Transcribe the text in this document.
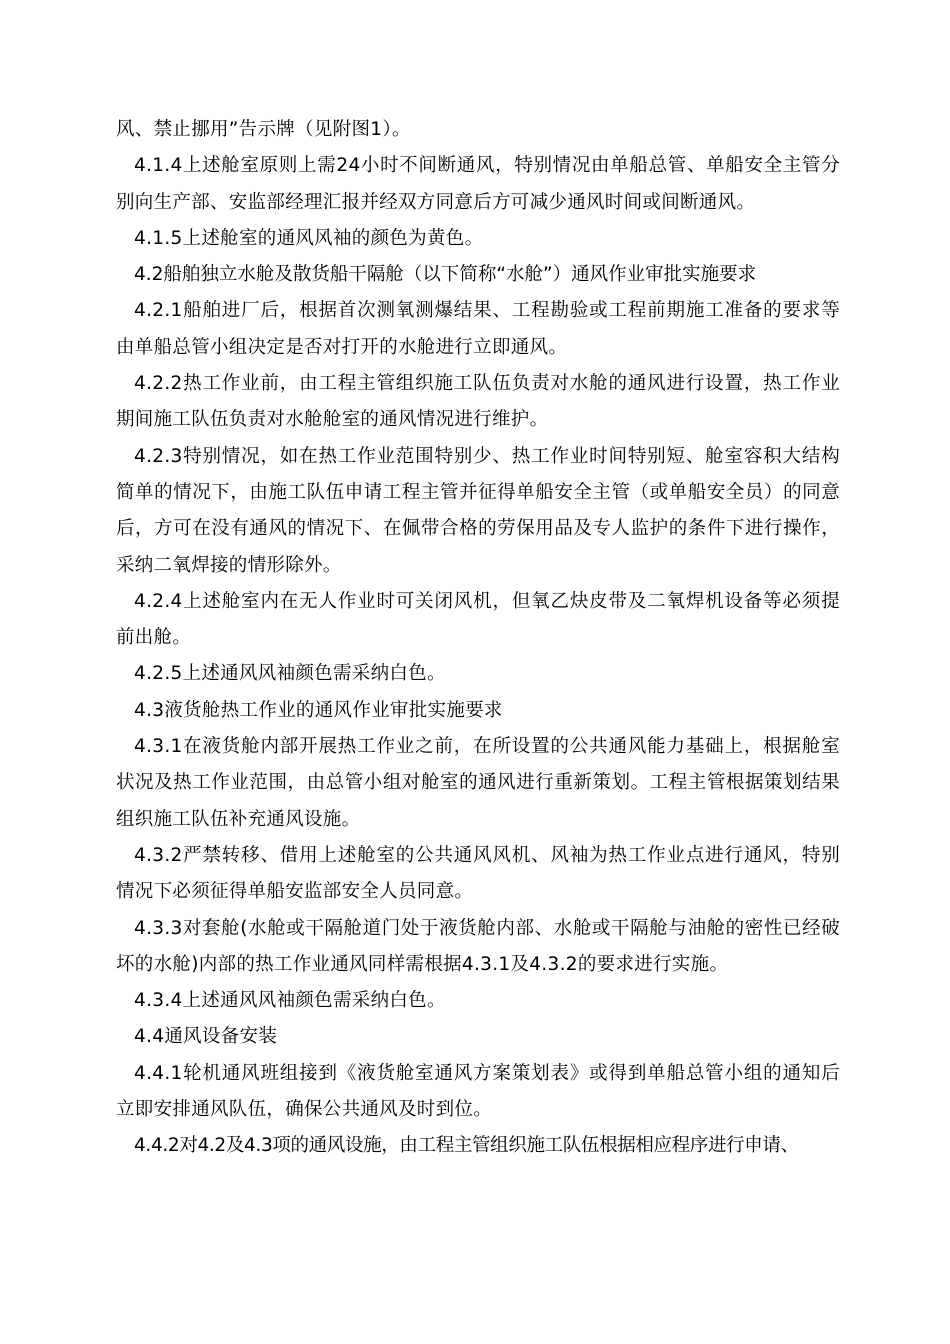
风、禁止挪用”告示牌（见附图1）。

4.1.4上述舱室原则上需24小时不间断通风，特别情况由单船总管、单船安全主管分别向生产部、安监部经理汇报并经双方同意后方可减少通风时间或间断通风。

4.1.5上述舱室的通风风袖的颜色为黄色。

4.2船舶独立水舱及散货船干隔舱（以下简称“水舱”）通风作业审批实施要求

4.2.1船舶进厂后，根据首次测氧测爆结果、工程勘验或工程前期施工准备的要求等由单船总管小组决定是否对打开的水舱进行立即通风。

4.2.2热工作业前，由工程主管组织施工队伍负责对水舱的通风进行设置，热工作业期间施工队伍负责对水舱舱室的通风情况进行维护。

4.2.3特别情况，如在热工作业范围特别少、热工作业时间特别短、舱室容积大结构简单的情况下，由施工队伍申请工程主管并征得单船安全主管（或单船安全员）的同意后，方可在没有通风的情况下、在佩带合格的劳保用品及专人监护的条件下进行操作，采纳二氧焊接的情形除外。

4.2.4上述舱室内在无人作业时可关闭风机，但氧乙炔皮带及二氧焊机设备等必须提前出舱。

4.2.5上述通风风袖颜色需采纳白色。

4.3液货舱热工作业的通风作业审批实施要求

4.3.1在液货舱内部开展热工作业之前，在所设置的公共通风能力基础上，根据舱室状况及热工作业范围，由总管小组对舱室的通风进行重新策划。工程主管根据策划结果组织施工队伍补充通风设施。

4.3.2严禁转移、借用上述舱室的公共通风风机、风袖为热工作业点进行通风，特别情况下必须征得单船安监部安全人员同意。

4.3.3对套舱(水舱或干隔舱道门处于液货舱内部、水舱或干隔舱与油舱的密性已经破坏的水舱)内部的热工作业通风同样需根据4.3.1及4.3.2的要求进行实施。

4.3.4上述通风风袖颜色需采纳白色。

4.4通风设备安装

4.4.1轮机通风班组接到《液货舱室通风方案策划表》或得到单船总管小组的通知后立即安排通风队伍，确保公共通风及时到位。

4.4.2对4.2及4.3项的通风设施，由工程主管组织施工队伍根据相应程序进行申请、
